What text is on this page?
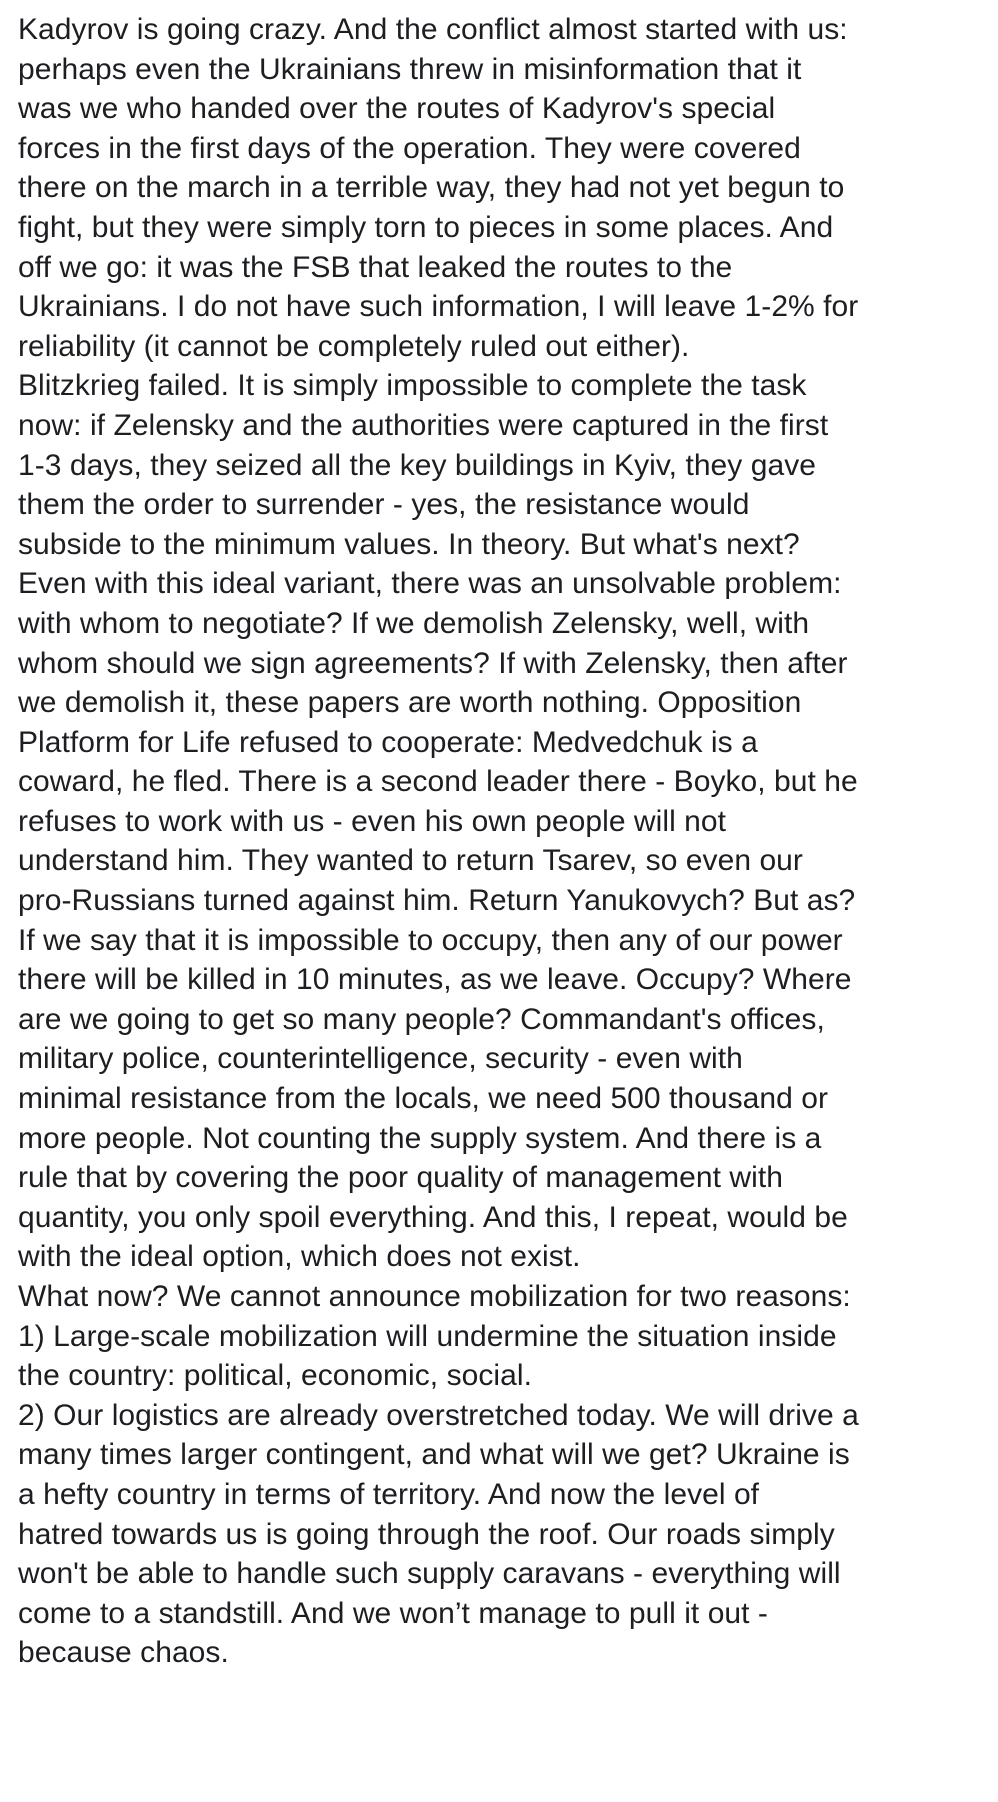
Kadyrov is going crazy. And the conflict almost started with us:

perhaps even the Ukrainians threw in misinformation that it

was we who handed over the routes of Kadyrov's special

forces in the first days of the operation. They were covered

there on the march in a terrible way, they had not yet begun to

fight, but they were simply torn to pieces in some places. And

off we go: it was the FSB that leaked the routes to the

Ukrainians. I do not have such information, I will leave 1-2% for

reliability (it cannot be completely ruled out either).

Blitzkrieg failed. It is simply impossible to complete the task

now: if Zelensky and the authorities were captured in the first

1-3 days, they seized all the key buildings in Kyiv, they gave

them the order to surrender - yes, the resistance would

subside to the minimum values. In theory. But what's next?

Even with this ideal variant, there was an unsolvable problem:

with whom to negotiate? If we demolish Zelensky, well, with

whom should we sign agreements? If with Zelensky, then after

we demolish it, these papers are worth nothing. Opposition

Platform for Life refused to cooperate: Medvedchuk is a

coward, he fled. There is a second leader there - Boyko, but he

refuses to work with us - even his own people will not

understand him. They wanted to return Tsarev, so even our

pro-Russians turned against him. Return Yanukovych? But as?

If we say that it is impossible to occupy, then any of our power

there will be killed in 10 minutes, as we leave. Occupy? Where

are we going to get so many people? Commandant's offices,

military police, counterintelligence, security - even with

minimal resistance from the locals, we need 500 thousand or

more people. Not counting the supply system. And there is a

rule that by covering the poor quality of management with

quantity, you only spoil everything. And this, I repeat, would be

with the ideal option, which does not exist.

What now? We cannot announce mobilization for two reasons:

1) Large-scale mobilization will undermine the situation inside

the country: political, economic, social.

2) Our logistics are already overstretched today. We will drive a

many times larger contingent, and what will we get? Ukraine is

a hefty country in terms of territory. And now the level of

hatred towards us is going through the roof. Our roads simply

won't be able to handle such supply caravans - everything will

come to a standstill. And we won’t manage to pull it out -

because chaos.
